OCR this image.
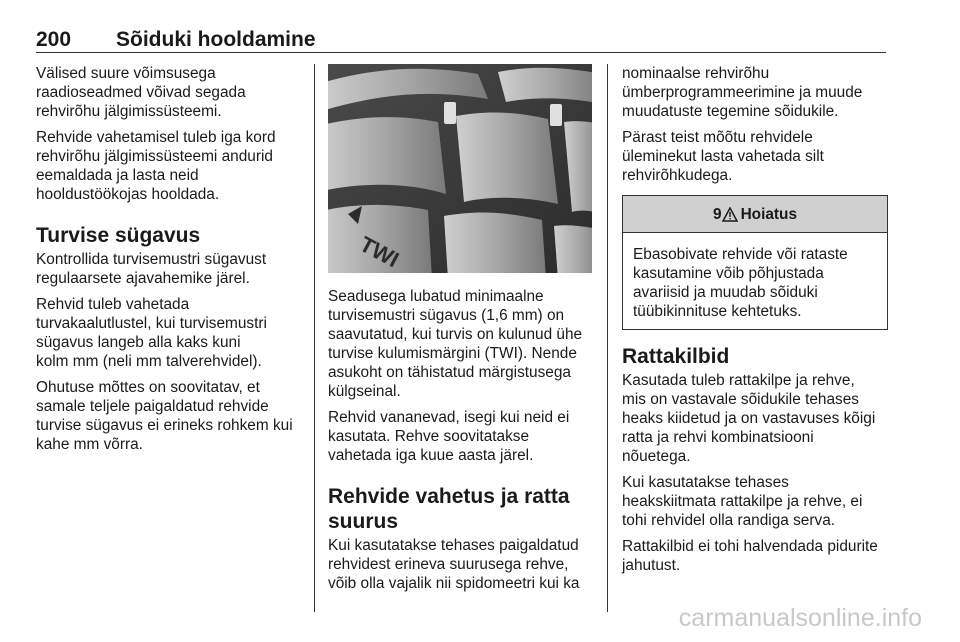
200 Sõiduki hooldamine

Välised suure võimsusega
raadioseadmed võivad segada
rehvirõhu jälgimissüsteemi.

Rehvide vahetamisel tuleb iga kord
rehvirõhu jälgimissüsteemi andurid
eemaldada ja lasta neid
hooldustöökojas hooldada.

Turvise sügavus

Kontrollida turvisemustri sügavust
regulaarsete ajavahemike järel.

Rehvid tuleb vahetada
turvakaalutlustel, kui turvisemustri
sügavus langeb alla kaks kuni
kolm mm (neli mm talverehvidel).

Ohutuse mõttes on soovitatav, et
samale teljele paigaldatud rehvide
turvise sügavus ei erineks rohkem kui
kahe mm võrra.

TWI

Seadusega lubatud minimaalne
turvisemustri sügavus (1,6 mm) on
saavutatud, kui turvis on kulunud ühe
turvise kulumismärgini (TWI). Nende
asukoht on tähistatud märgistusega
külgseinal.

Rehvid vananevad, isegi kui neid ei
kasutata. Rehve soovitatakse
vahetada iga kuue aasta järel.

Rehvide vahetus ja ratta
suurus

Kui kasutatakse tehases paigaldatud
rehvidest erineva suurusega rehve,
võib olla vajalik nii spidomeetri kui ka

nominaalse rehvirõhu
ümberprogrammeerimine ja muude
muudatuste tegemine sõidukile.

Pärast teist mõõtu rehvidele
üleminekut lasta vahetada silt
rehvirõhkudega.

9 Hoiatus
Ebasobivate rehvide või rataste
kasutamine võib põhjustada
avariisid ja muudab sõiduki
tüübikinnituse kehtetuks.
Rattakilbid

Kasutada tuleb rattakilpe ja rehve,
mis on vastavale sõidukile tehases
heaks kiidetud ja on vastavuses kõigi
ratta ja rehvi kombinatsiooni
nõuetega.

Kui kasutatakse tehases
heakskiitmata rattakilpe ja rehve, ei
tohi rehvidel olla randiga serva.

Rattakilbid ei tohi halvendada pidurite
jahutust.

carmanualsonline.info
